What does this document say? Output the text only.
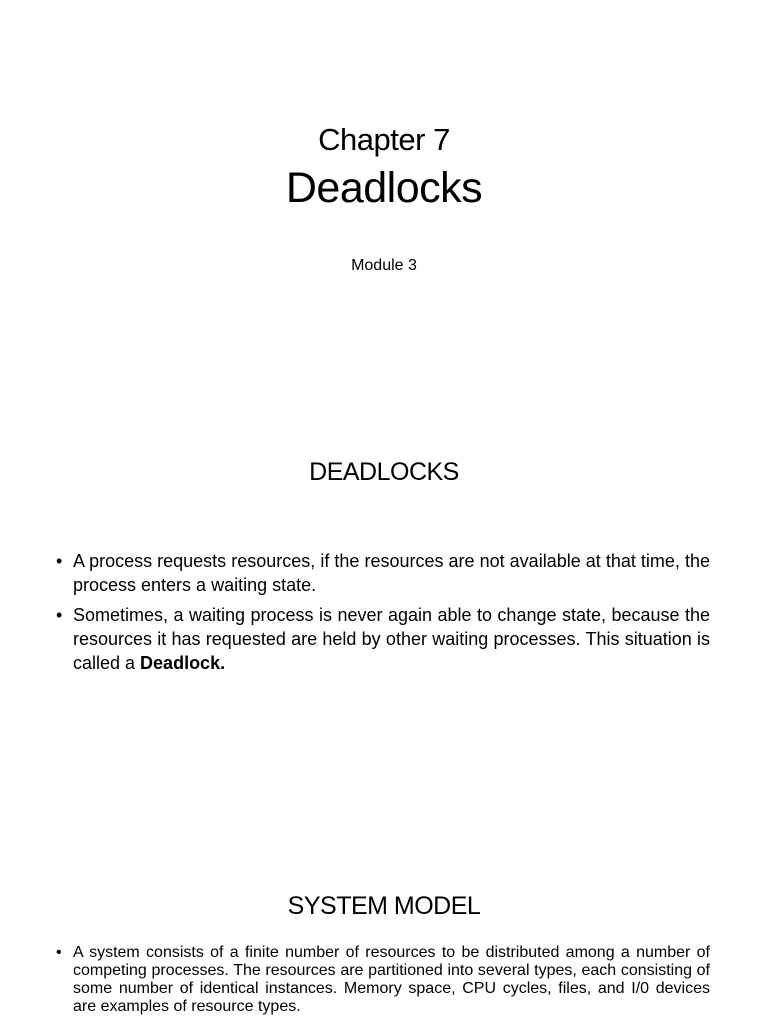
Chapter 7
Deadlocks
Module 3
DEADLOCKS
• A process requests resources, if the resources are not available at that time, the process enters a waiting state.
• Sometimes, a waiting process is never again able to change state, because the resources it has requested are held by other waiting processes. This situation is called a Deadlock.
SYSTEM MODEL
• A system consists of a finite number of resources to be distributed among a number of competing processes. The resources are partitioned into several types, each consisting of some number of identical instances. Memory space, CPU cycles, files, and I/0 devices are examples of resource types.
